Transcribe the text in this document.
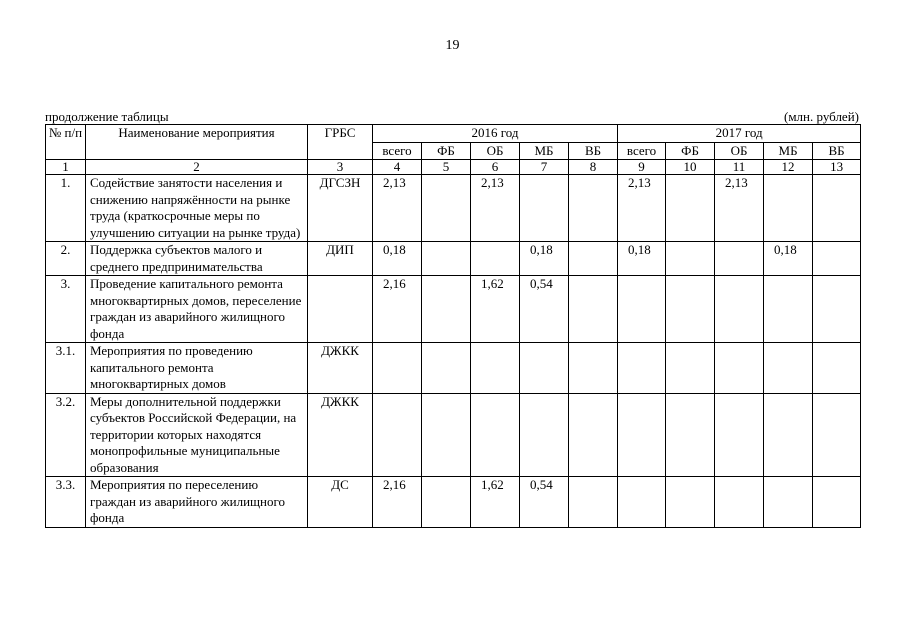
19
продолжение таблицы	(млн. рублей)
№ п/п	Наименование мероприятия	ГРБС	2016 год					2017 год				
			всего	ФБ	ОБ	МБ	ВБ	всего	ФБ	ОБ	МБ	ВБ
1	2	3	4	5	6	7	8	9	10	11	12	13
1.	Содействие занятости населения и снижению напряжённости на рынке труда (краткосрочные меры по улучшению ситуации на рынке труда)	ДГСЗН	2,13		2,13			2,13		2,13		
2.	Поддержка субъектов малого и среднего предпринимательства	ДИП	0,18			0,18		0,18			0,18	
3.	Проведение капитального ремонта многоквартирных домов, переселение граждан из аварийного жилищного фонда		2,16		1,62	0,54						
3.1.	Мероприятия по проведению капитального ремонта многоквартирных домов	ДЖКК										
3.2.	Меры дополнительной поддержки субъектов Российской Федерации, на территории которых находятся монопрофильные муниципальные образования	ДЖКК										
3.3.	Мероприятия по переселению граждан из аварийного жилищного фонда	ДС	2,16		1,62	0,54						
